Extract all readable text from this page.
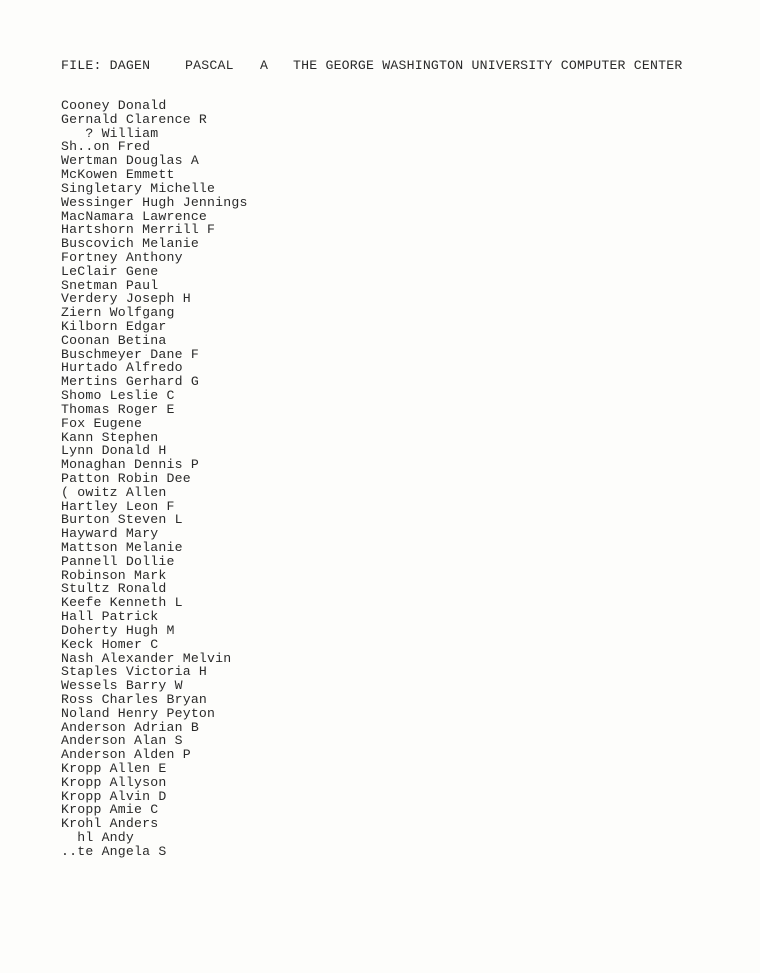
FILE: DAGEN	PASCAL A THE GEORGE WASHINGTON UNIVERSITY COMPUTER CENTER
Cooney Donald
Gernald Clarence R
? William
Sh..on Fred
Wertman Douglas A
McKowen Emmett
Singletary Michelle
Wessinger Hugh Jennings
MacNamara Lawrence
Hartshorn Merrill F
Buscovich Melanie
Fortney Anthony
LeClair Gene
Snetman Paul
Verdery Joseph H
Ziern Wolfgang
Kilborn Edgar
Coonan Betina
Buschmeyer Dane F
Hurtado Alfredo
Mertins Gerhard G
Shomo Leslie C
Thomas Roger E
Fox Eugene
Kann Stephen
Lynn Donald H
Monaghan Dennis P
Patton Robin Dee
( owitz Allen
Hartley Leon F
Burton Steven L
Hayward Mary
Mattson Melanie
Pannell Dollie
Robinson Mark
Stultz Ronald
Keefe Kenneth L
Hall Patrick
Doherty Hugh M
Keck Homer C
Nash Alexander Melvin
Staples Victoria H
Wessels Barry W
Ross Charles Bryan
Noland Henry Peyton
Anderson Adrian B
Anderson Alan S
Anderson Alden P
Kropp Allen E
Kropp Allyson
Kropp Alvin D
Kropp Amie C
Krohl Anders
hl Andy
..te Angela S
